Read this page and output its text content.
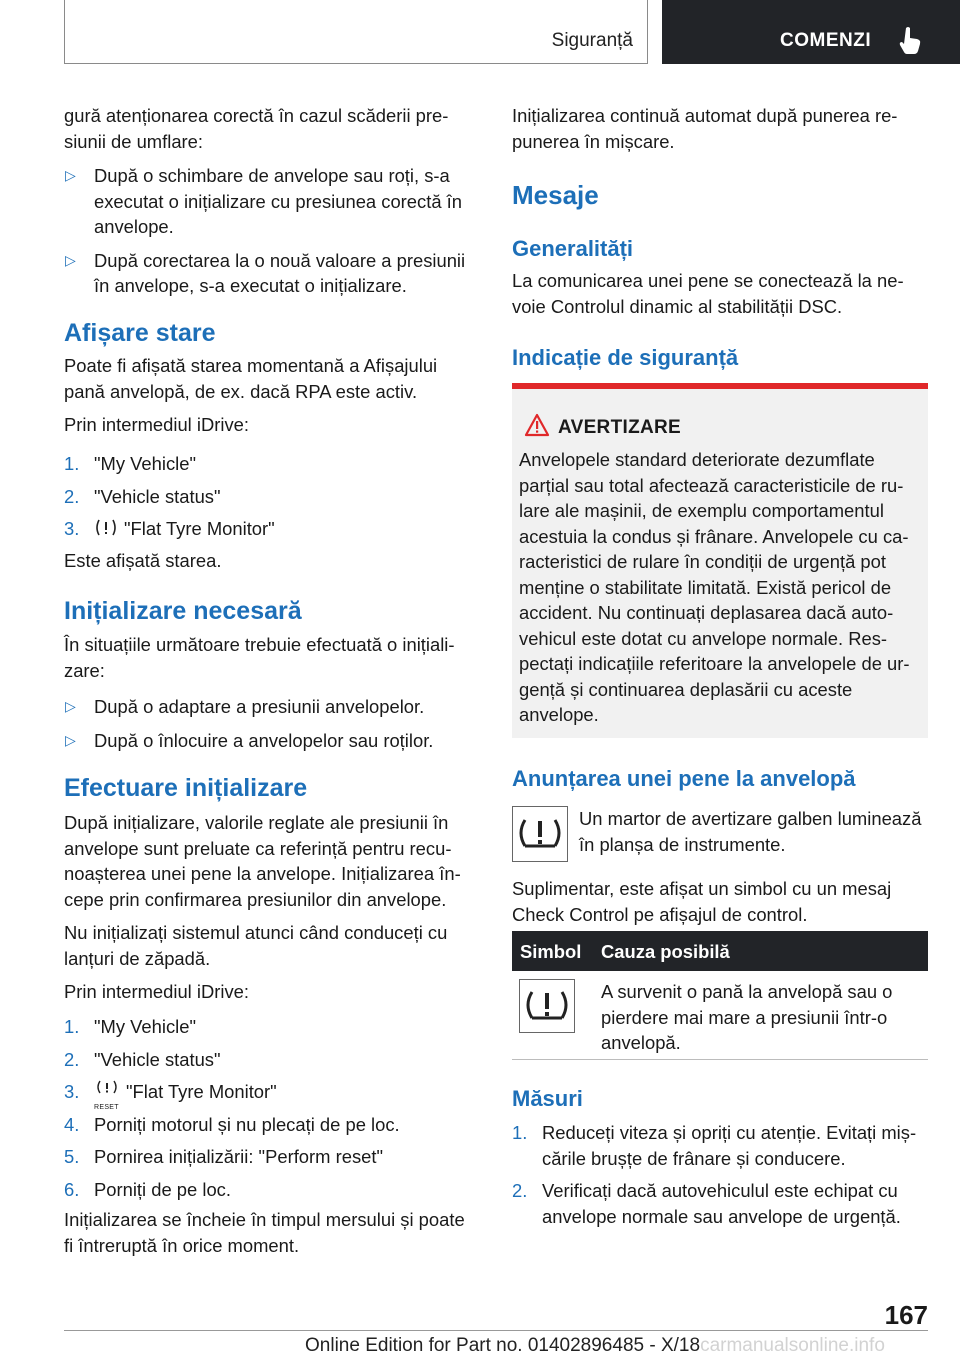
Siguranță	COMENZI

gură atenționarea corectă în cazul scăderii pre-siunii de umflare:

▷ După o schimbare de anvelope sau roți, s-a executat o inițializare cu presiunea corectă în anvelope.
▷ După corectarea la o nouă valoare a presiunii în anvelope, s-a executat o inițializare.
Afișare stare

Poate fi afișată starea momentană a Afișajului pană anvelopă, de ex. dacă RPA este activ.

Prin intermediul iDrive:

1. "My Vehicle"
2. "Vehicle status"
3. "Flat Tyre Monitor"

Este afișată starea.

Inițializare necesară

În situațiile următoare trebuie efectuată o inițiali-zare:

▷ După o adaptare a presiunii anvelopelor.
▷ După o înlocuire a anvelopelor sau roților.
Efectuare inițializare

După inițializare, valorile reglate ale presiunii în anvelope sunt preluate ca referință pentru recu-noașterea unei pene la anvelope. Inițializarea în-cepe prin confirmarea presiunilor din anvelope.

Nu inițializați sistemul atunci când conduceți cu lanțuri de zăpadă.

Prin intermediul iDrive:

1. "My Vehicle"
2. "Vehicle status"
3.
RESET
"Flat Tyre Monitor"
4. Porniți motorul și nu plecați de pe loc.
5. Pornirea inițializării: "Perform reset"
6. Porniți de pe loc.

Inițializarea se încheie în timpul mersului și poate fi întreruptă în orice moment.

Inițializarea continuă automat după punerea re-punerea în mișcare.

Mesaje
Generalități

La comunicarea unei pene se conectează la ne-voie Controlul dinamic al stabilității DSC.

Indicație de siguranță
AVERTIZARE
Anvelopele standard deteriorate dezumflate parțial sau total afectează caracteristicile de ru-lare ale mașinii, de exemplu comportamentul acestuia la condus și frânare. Anvelopele cu ca-racteristici de rulare în condiții de urgență pot menține o stabilitate limitată. Există pericol de accident. Nu continuați deplasarea dacă auto-vehicul este dotat cu anvelope normale. Res-pectați indicațiile referitoare la anvelopele de ur-gență și continuarea deplasării cu aceste anvelope.
Anunțarea unei pene la anvelopă

Un martor de avertizare galben luminează în planșa de instrumente.

Suplimentar, este afișat un simbol cu un mesaj Check Control pe afișajul de control.

Simbol Cauza posibilă

A survenit o pană la anvelopă sau o pierdere mai mare a presiunii într-o anvelopă.

Măsuri
1. Reduceți viteza și opriți cu atenție. Evitați miș-cările brușțe de frânare și conducere.
2. Verificați dacă autovehiculul este echipat cu anvelope normale sau anvelope de urgență.
167
Online Edition for Part no. 01402896485 - X/18carmanualsonline.info
